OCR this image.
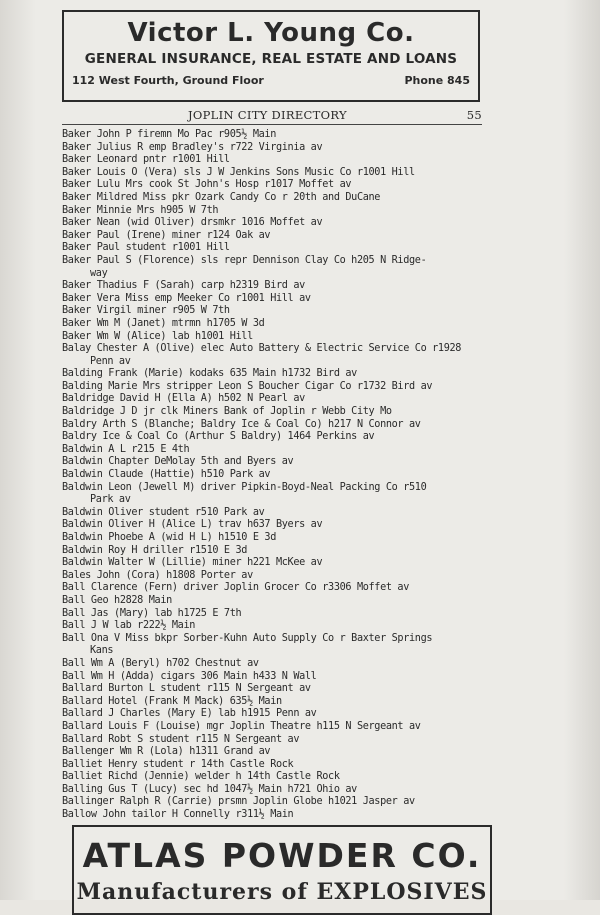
Victor L. Young Co.
GENERAL INSURANCE, REAL ESTATE AND LOANS
112 West Fourth, Ground Floor	Phone 845
JOPLIN CITY DIRECTORY	55
Baker John P firemn Mo Pac r905½ Main
Baker Julius R emp Bradley's r722 Virginia av
Baker Leonard pntr r1001 Hill
Baker Louis O (Vera) sls J W Jenkins Sons Music Co r1001 Hill
Baker Lulu Mrs cook St John's Hosp r1017 Moffet av
Baker Mildred Miss pkr Ozark Candy Co r 20th and DuCane
Baker Minnie Mrs h905 W 7th
Baker Nean (wid Oliver) drsmkr 1016 Moffet av
Baker Paul (Irene) miner r124 Oak av
Baker Paul student r1001 Hill
Baker Paul S (Florence) sls repr Dennison Clay Co h205 N Ridge-
way
Baker Thadius F (Sarah) carp h2319 Bird av
Baker Vera Miss emp Meeker Co r1001 Hill av
Baker Virgil miner r905 W 7th
Baker Wm M (Janet) mtrmn h1705 W 3d
Baker Wm W (Alice) lab h1001 Hill
Balay Chester A (Olive) elec Auto Battery & Electric Service Co r1928
Penn av
Balding Frank (Marie) kodaks 635 Main h1732 Bird av
Balding Marie Mrs stripper Leon S Boucher Cigar Co r1732 Bird av
Baldridge David H (Ella A) h502 N Pearl av
Baldridge J D jr clk Miners Bank of Joplin r Webb City Mo
Baldry Arth S (Blanche; Baldry Ice & Coal Co) h217 N Connor av
Baldry Ice & Coal Co (Arthur S Baldry) 1464 Perkins av
Baldwin A L r215 E 4th
Baldwin Chapter DeMolay 5th and Byers av
Baldwin Claude (Hattie) h510 Park av
Baldwin Leon (Jewell M) driver Pipkin-Boyd-Neal Packing Co r510
Park av
Baldwin Oliver student r510 Park av
Baldwin Oliver H (Alice L) trav h637 Byers av
Baldwin Phoebe A (wid H L) h1510 E 3d
Baldwin Roy H driller r1510 E 3d
Baldwin Walter W (Lillie) miner h221 McKee av
Bales John (Cora) h1808 Porter av
Ball Clarence (Fern) driver Joplin Grocer Co r3306 Moffet av
Ball Geo h2828 Main
Ball Jas (Mary) lab h1725 E 7th
Ball J W lab r222½ Main
Ball Ona V Miss bkpr Sorber-Kuhn Auto Supply Co r Baxter Springs
Kans
Ball Wm A (Beryl) h702 Chestnut av
Ball Wm H (Adda) cigars 306 Main h433 N Wall
Ballard Burton L student r115 N Sergeant av
Ballard Hotel (Frank M Mack) 635½ Main
Ballard J Charles (Mary E) lab h1915 Penn av
Ballard Louis F (Louise) mgr Joplin Theatre h115 N Sergeant av
Ballard Robt S student r115 N Sergeant av
Ballenger Wm R (Lola) h1311 Grand av
Balliet Henry student r 14th Castle Rock
Balliet Richd (Jennie) welder h 14th Castle Rock
Balling Gus T (Lucy) sec hd 1047½ Main h721 Ohio av
Ballinger Ralph R (Carrie) prsmn Joplin Globe h1021 Jasper av
Ballow John tailor H Connelly r311½ Main
ATLAS POWDER CO.
Manufacturers of EXPLOSIVES
